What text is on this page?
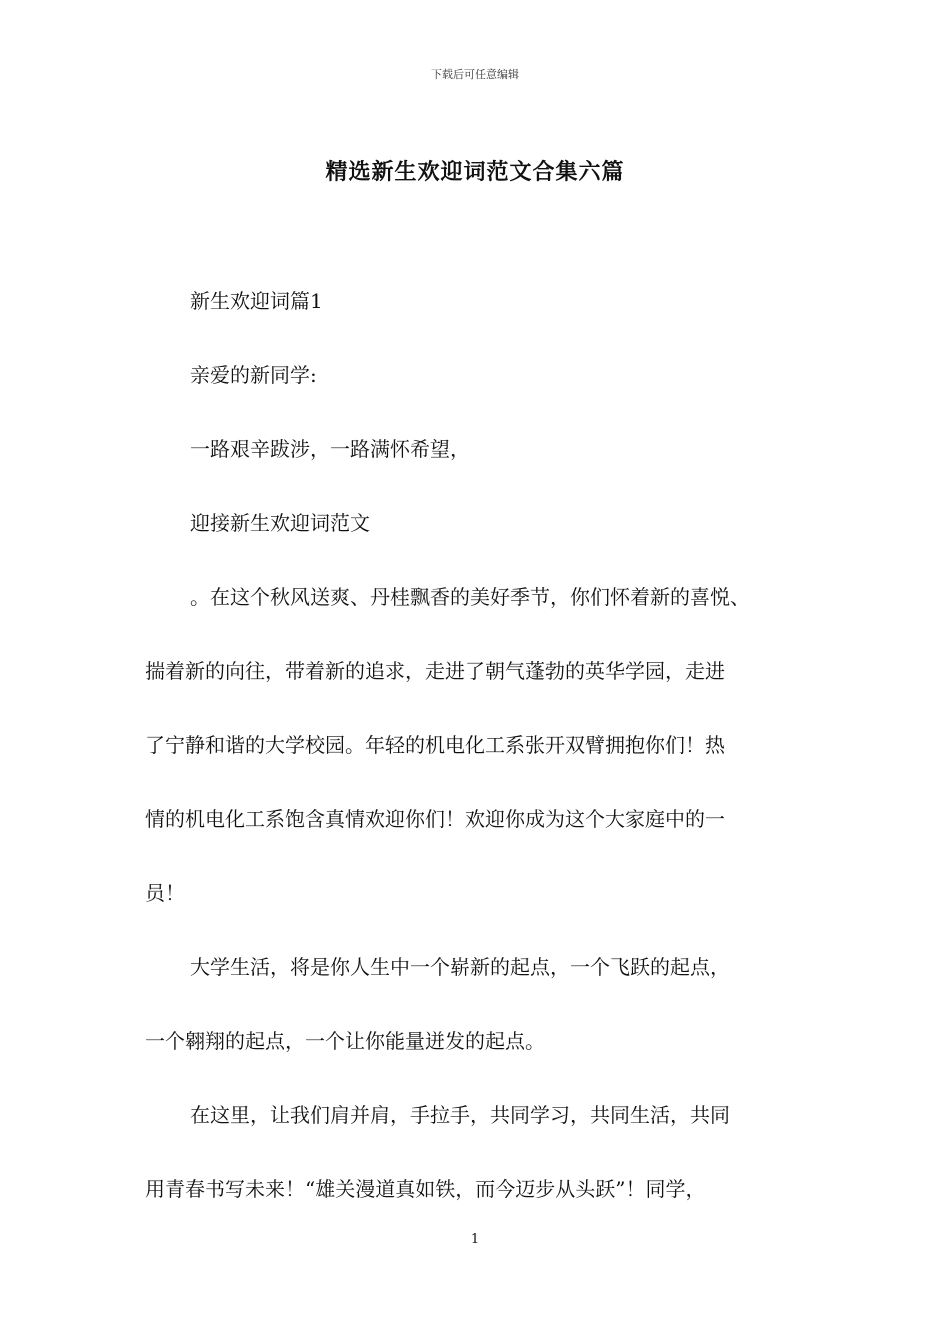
下载后可任意编辑
精选新生欢迎词范文合集六篇

新生欢迎词篇1

亲爱的新同学:

一路艰辛跋涉，一路满怀希望，

迎接新生欢迎词范文

。在这个秋风送爽、丹桂飘香的美好季节，你们怀着新的喜悦、
揣着新的向往，带着新的追求，走进了朝气蓬勃的英华学园，走进
了宁静和谐的大学校园。年轻的机电化工系张开双臂拥抱你们！热
情的机电化工系饱含真情欢迎你们！欢迎你成为这个大家庭中的一
员！

大学生活，将是你人生中一个崭新的起点，一个飞跃的起点，
一个翱翔的起点，一个让你能量迸发的起点。

在这里，让我们肩并肩，手拉手，共同学习，共同生活，共同
用青春书写未来！“雄关漫道真如铁，而今迈步从头跃”！同学，

1
